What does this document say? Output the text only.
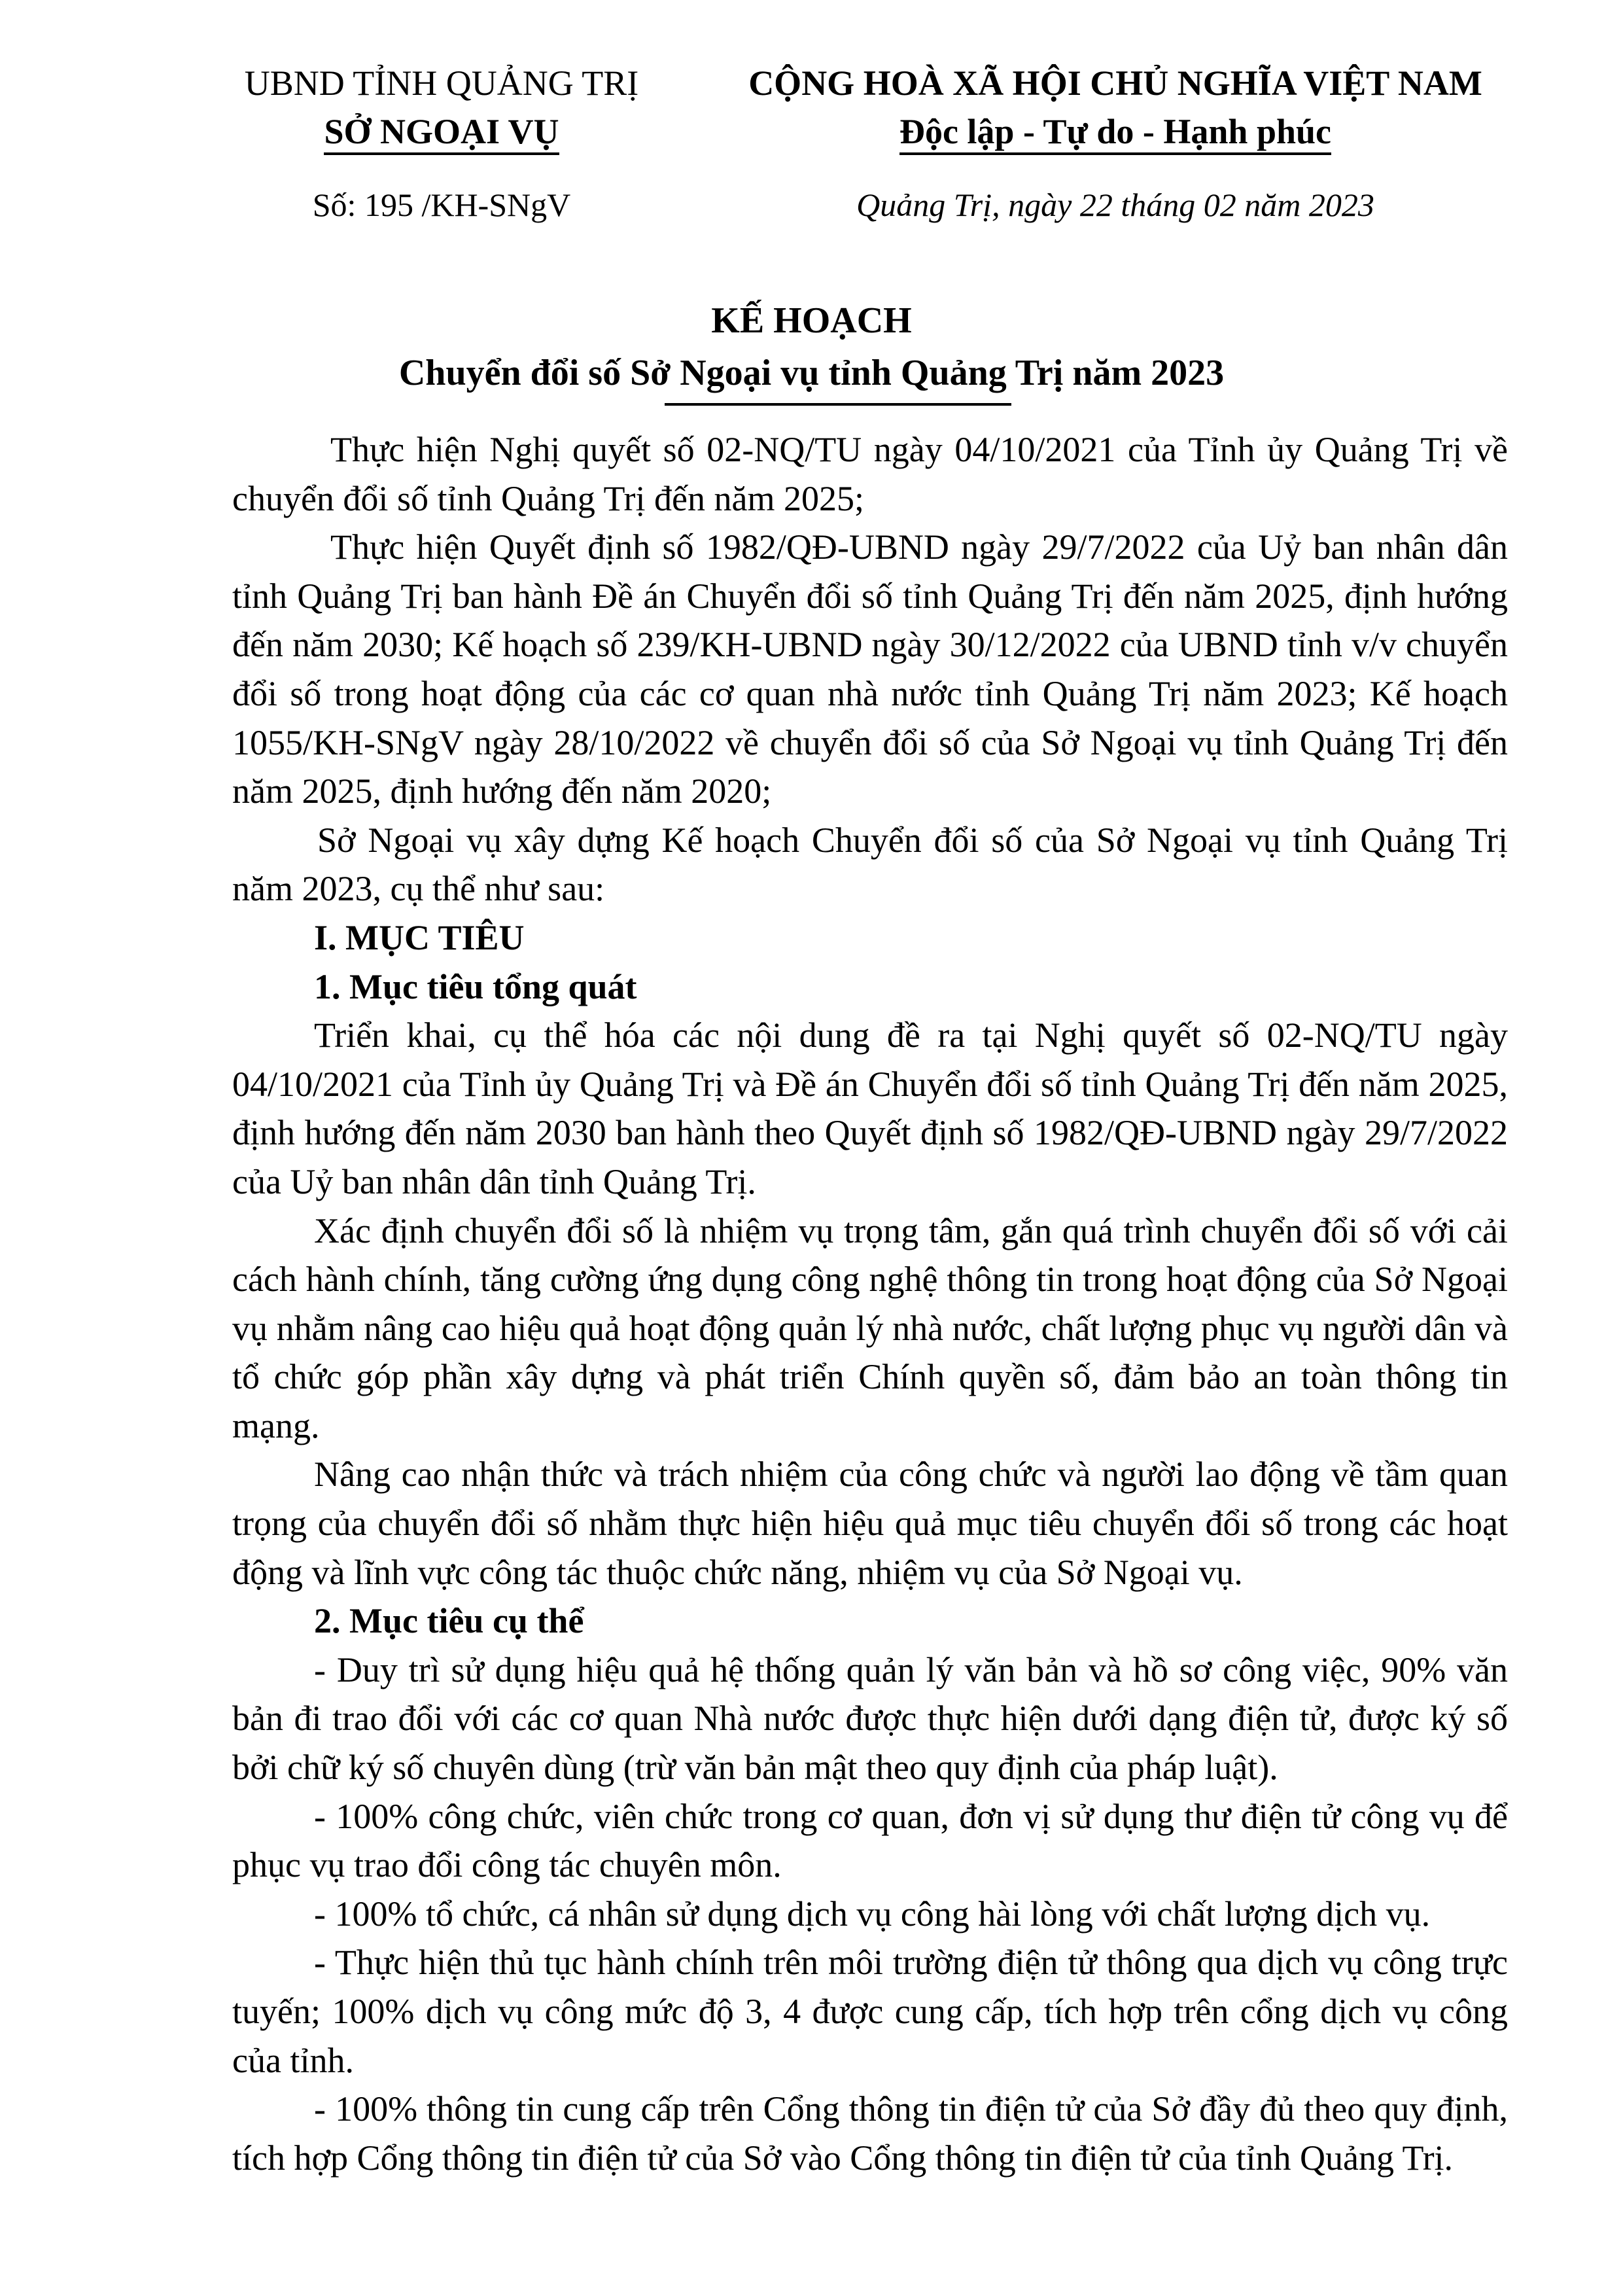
UBND TỈNH QUẢNG TRỊ
SỞ NGOẠI VỤ
Số: 195 /KH-SNgV
CỘNG HOÀ XÃ HỘI CHỦ NGHĨA VIỆT NAM
Độc lập - Tự do - Hạnh phúc
Quảng Trị, ngày 22 tháng 02 năm 2023
KẾ HOẠCH
Chuyển đổi số Sở Ngoại vụ tỉnh Quảng Trị năm 2023

Thực hiện Nghị quyết số 02-NQ/TU ngày 04/10/2021 của Tỉnh ủy Quảng Trị về chuyển đổi số tỉnh Quảng Trị đến năm 2025;

Thực hiện Quyết định số 1982/QĐ-UBND ngày 29/7/2022 của Uỷ ban nhân dân tỉnh Quảng Trị ban hành Đề án Chuyển đổi số tỉnh Quảng Trị đến năm 2025, định hướng đến năm 2030; Kế hoạch số 239/KH-UBND ngày 30/12/2022 của UBND tỉnh v/v chuyển đổi số trong hoạt động của các cơ quan nhà nước tỉnh Quảng Trị năm 2023; Kế hoạch 1055/KH-SNgV ngày 28/10/2022 về chuyển đổi số của Sở Ngoại vụ tỉnh Quảng Trị đến năm 2025, định hướng đến năm 2020;

Sở Ngoại vụ xây dựng Kế hoạch Chuyển đổi số của Sở Ngoại vụ tỉnh Quảng Trị năm 2023, cụ thể như sau:

I. MỤC TIÊU
1. Mục tiêu tổng quát

Triển khai, cụ thể hóa các nội dung đề ra tại Nghị quyết số 02-NQ/TU ngày 04/10/2021 của Tỉnh ủy Quảng Trị và Đề án Chuyển đổi số tỉnh Quảng Trị đến năm 2025, định hướng đến năm 2030 ban hành theo Quyết định số 1982/QĐ-UBND ngày 29/7/2022 của Uỷ ban nhân dân tỉnh Quảng Trị.

Xác định chuyển đổi số là nhiệm vụ trọng tâm, gắn quá trình chuyển đổi số với cải cách hành chính, tăng cường ứng dụng công nghệ thông tin trong hoạt động của Sở Ngoại vụ nhằm nâng cao hiệu quả hoạt động quản lý nhà nước, chất lượng phục vụ người dân và tổ chức góp phần xây dựng và phát triển Chính quyền số, đảm bảo an toàn thông tin mạng.

Nâng cao nhận thức và trách nhiệm của công chức và người lao động về tầm quan trọng của chuyển đổi số nhằm thực hiện hiệu quả mục tiêu chuyển đổi số trong các hoạt động và lĩnh vực công tác thuộc chức năng, nhiệm vụ của Sở Ngoại vụ.

2. Mục tiêu cụ thể

- Duy trì sử dụng hiệu quả hệ thống quản lý văn bản và hồ sơ công việc, 90% văn bản đi trao đổi với các cơ quan Nhà nước được thực hiện dưới dạng điện tử, được ký số bởi chữ ký số chuyên dùng (trừ văn bản mật theo quy định của pháp luật).

- 100% công chức, viên chức trong cơ quan, đơn vị sử dụng thư điện tử công vụ để phục vụ trao đổi công tác chuyên môn.

- 100% tổ chức, cá nhân sử dụng dịch vụ công hài lòng với chất lượng dịch vụ.

- Thực hiện thủ tục hành chính trên môi trường điện tử thông qua dịch vụ công trực tuyến; 100% dịch vụ công mức độ 3, 4 được cung cấp, tích hợp trên cổng dịch vụ công của tỉnh.

- 100% thông tin cung cấp trên Cổng thông tin điện tử của Sở đầy đủ theo quy định, tích hợp Cổng thông tin điện tử của Sở vào Cổng thông tin điện tử của tỉnh Quảng Trị.
